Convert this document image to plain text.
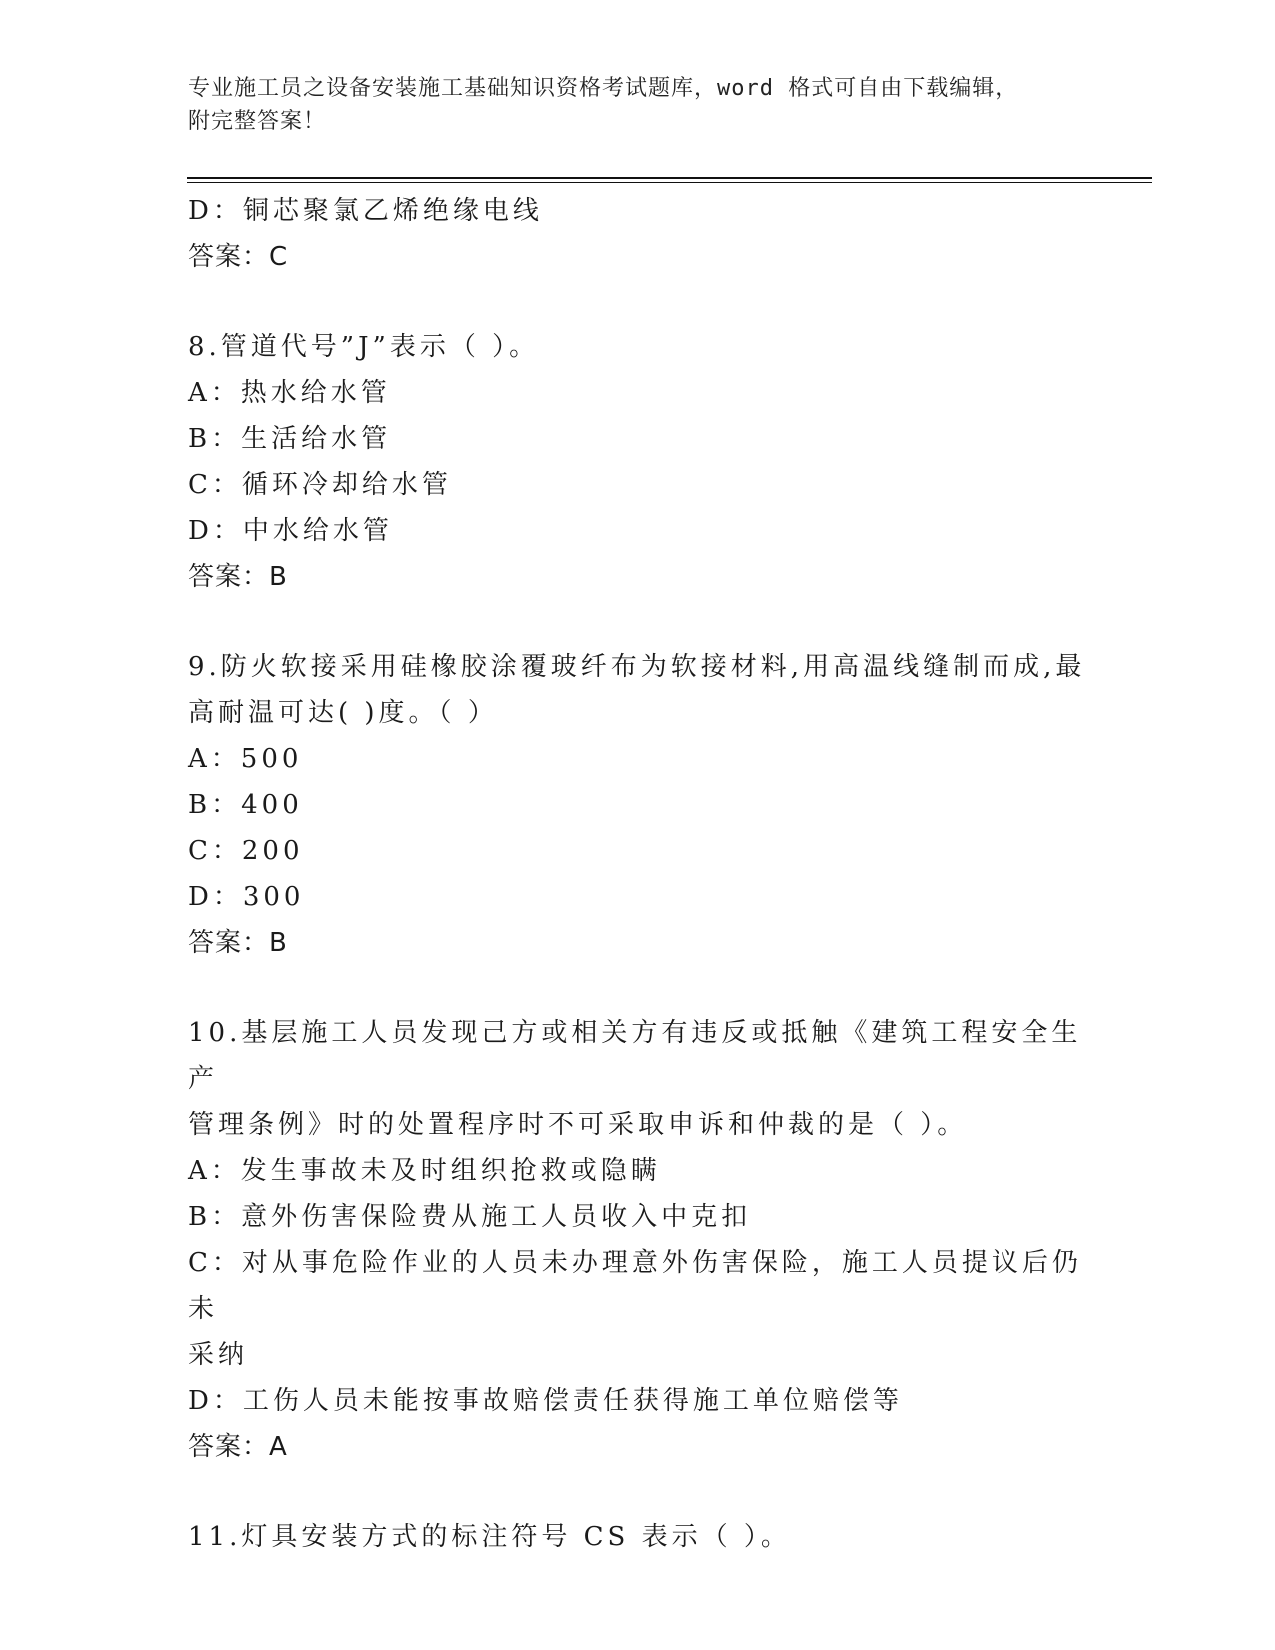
专业施工员之设备安装施工基础知识资格考试题库，word 格式可自由下载编辑，
附完整答案！

D：铜芯聚氯乙烯绝缘电线

答案：C

8.管道代号”J”表示（ ）。

A：热水给水管

B：生活给水管

C：循环冷却给水管

D：中水给水管

答案：B

9.防火软接采用硅橡胶涂覆玻纤布为软接材料,用高温线缝制而成,最

高耐温可达( )度。（ ）

A：500

B：400

C：200

D：300

答案：B

10.基层施工人员发现己方或相关方有违反或抵触《建筑工程安全生产

管理条例》时的处置程序时不可采取申诉和仲裁的是（ ）。

A：发生事故未及时组织抢救或隐瞒

B：意外伤害保险费从施工人员收入中克扣

C：对从事危险作业的人员未办理意外伤害保险，施工人员提议后仍未

采纳

D：工伤人员未能按事故赔偿责任获得施工单位赔偿等

答案：A

11.灯具安装方式的标注符号 CS 表示（ ）。
